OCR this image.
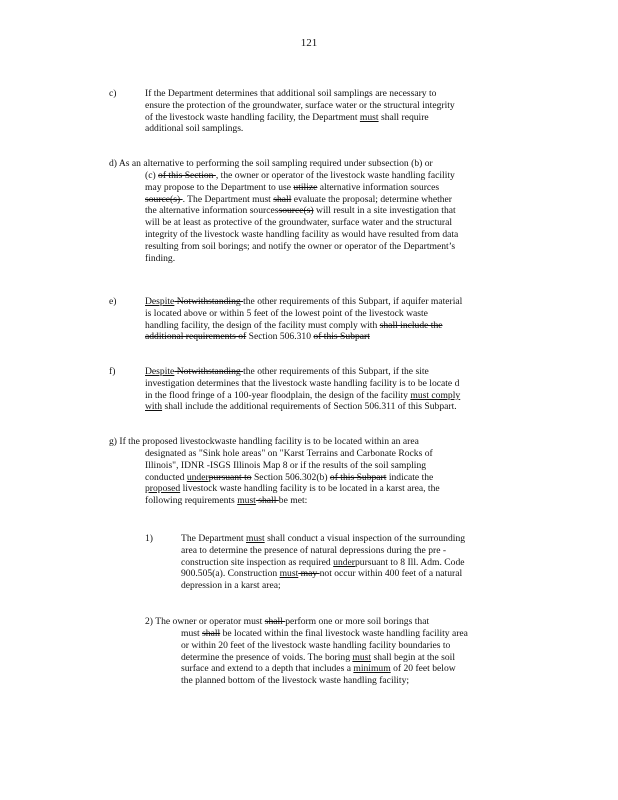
121
c)	If the Department determines that additional soil samplings are necessary to
ensure the protection of the groundwater, surface water or the structural integrity
of the livestock waste handling facility, the Department must shall require
additional soil samplings.
d) As an alternative to performing the soil sampling required under subsection (b) or
(c) of this Section , the owner or operator of the livestock waste handling facility
may propose to the Department to use utilize alternative information sources
source(s) . The Department must shall evaluate the proposal; determine whether
the alternative information sourcessource(s) will result in a site investigation that
will be at least as protective of the groundwater, surface water and the structural
integrity of the livestock waste handling facility as would have resulted from data
resulting from soil borings; and notify the owner or operator of the Department’s
finding.
e)	Despite Notwithstanding the other requirements of this Subpart, if aquifer material
is located above or within 5 feet of the lowest point of the livestock waste
handling facility, the design of the facility must comply with shall include the
additional requirements of Section 506.310 of this Subpart
f)	Despite Notwithstanding the other requirements of this Subpart, if the site
investigation determines that the livestock waste handling facility is to be locate d
in the flood fringe of a 100-year floodplain, the design of the facility must comply
with shall include the additional requirements of Section 506.311 of this Subpart.
g) If the proposed livestockwaste handling facility is to be located within an area
designated as "Sink hole areas" on "Karst Terrains and Carbonate Rocks of
Illinois", IDNR -ISGS Illinois Map 8 or if the results of the soil sampling
conducted underpursuant to Section 506.302(b) of this Subpart indicate the
proposed livestock waste handling facility is to be located in a karst area, the
following requirements must shall be met:
1)	The Department must shall conduct a visual inspection of the surrounding
area to determine the presence of natural depressions during the pre -
construction site inspection as required underpursuant to 8 Ill. Adm. Code
900.505(a). Construction must may not occur within 400 feet of a natural
depression in a karst area;
2) The owner or operator must shall perform one or more soil borings that
must shall be located within the final livestock waste handling facility area
or within 20 feet of the livestock waste handling facility boundaries to
determine the presence of voids. The boring must shall begin at the soil
surface and extend to a depth that includes a minimum of 20 feet below
the planned bottom of the livestock waste handling facility;
